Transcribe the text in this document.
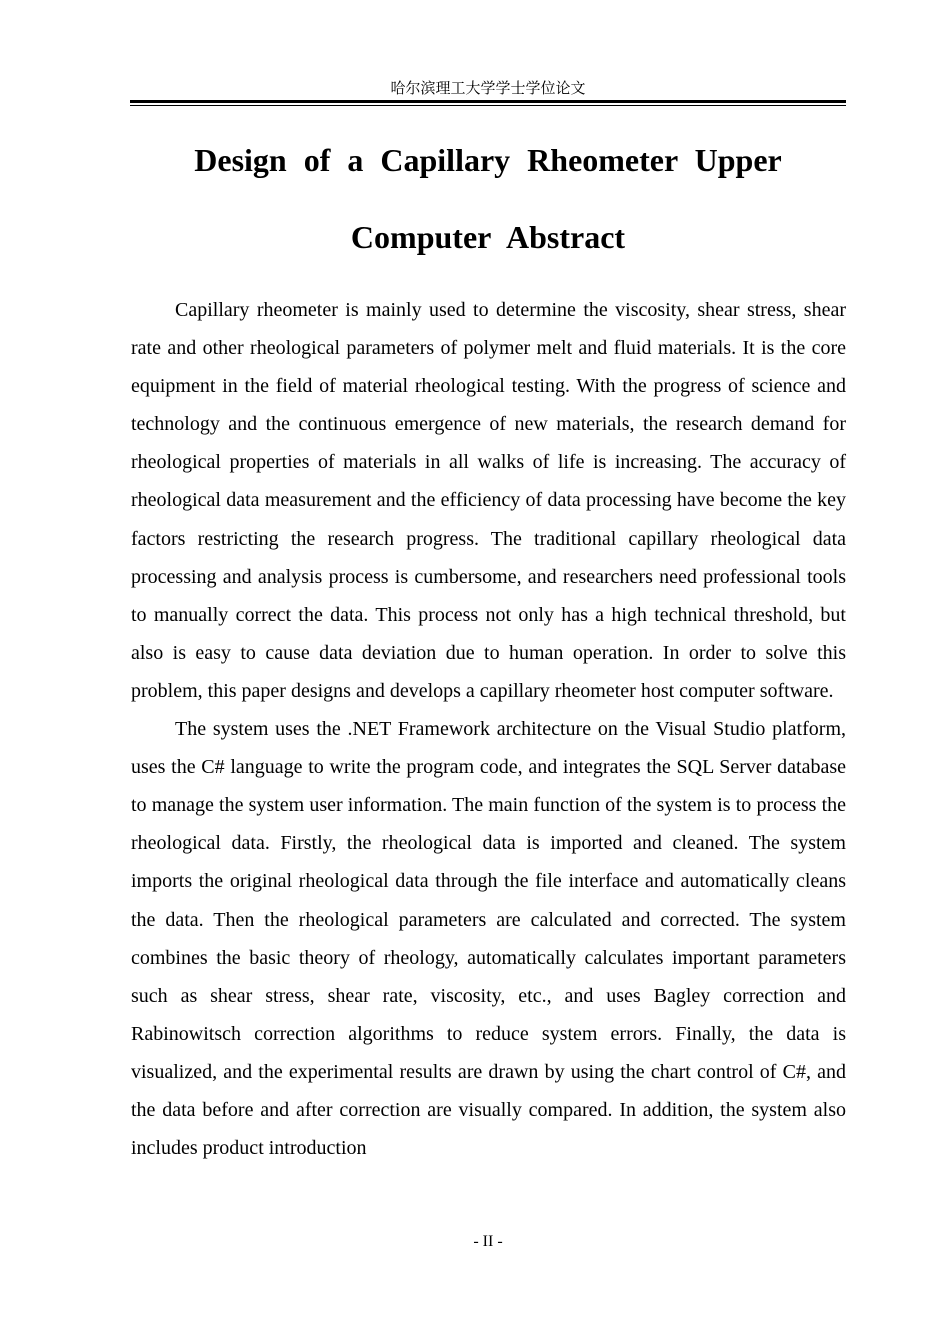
哈尔滨理工大学学士学位论文
Design of a Capillary Rheometer Upper Computer Abstract

Capillary rheometer is mainly used to determine the viscosity, shear stress, shear rate and other rheological parameters of polymer melt and fluid materials. It is the core equipment in the field of material rheological testing. With the progress of science and technology and the continuous emergence of new materials, the research demand for rheological properties of materials in all walks of life is increasing. The accuracy of rheological data measurement and the efficiency of data processing have become the key factors restricting the research progress. The traditional capillary rheological data processing and analysis process is cumbersome, and researchers need professional tools to manually correct the data. This process not only has a high technical threshold, but also is easy to cause data deviation due to human operation. In order to solve this problem, this paper designs and develops a capillary rheometer host computer software.

The system uses the .NET Framework architecture on the Visual Studio platform, uses the C# language to write the program code, and integrates the SQL Server database to manage the system user information. The main function of the system is to process the rheological data. Firstly, the rheological data is imported and cleaned. The system imports the original rheological data through the file interface and automatically cleans the data. Then the rheological parameters are calculated and corrected. The system combines the basic theory of rheology, automatically calculates important parameters such as shear stress, shear rate, viscosity, etc., and uses Bagley correction and Rabinowitsch correction algorithms to reduce system errors. Finally, the data is visualized, and the experimental results are drawn by using the chart control of C#, and the data before and after correction are visually compared. In addition, the system also includes product introduction

- II -
